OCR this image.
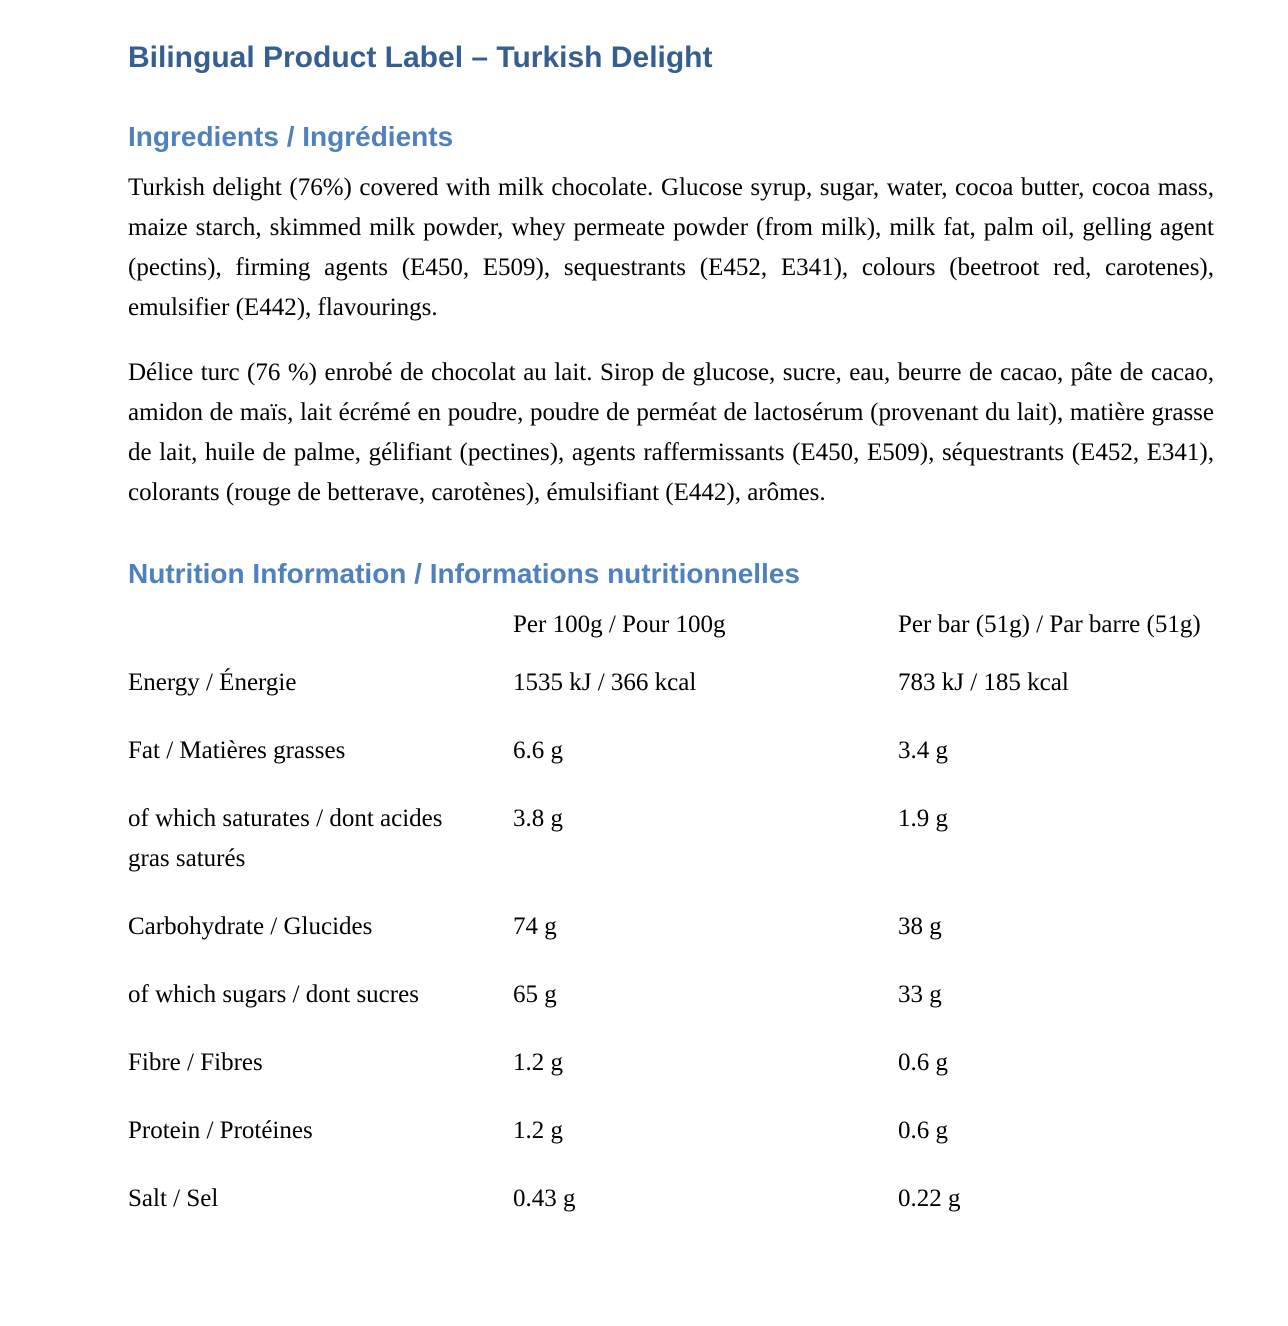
Bilingual Product Label – Turkish Delight
Ingredients / Ingrédients

Turkish delight (76%) covered with milk chocolate. Glucose syrup, sugar, water, cocoa butter, cocoa mass, maize starch, skimmed milk powder, whey permeate powder (from milk), milk fat, palm oil, gelling agent (pectins), firming agents (E450, E509), sequestrants (E452, E341), colours (beetroot red, carotenes), emulsifier (E442), flavourings.

Délice turc (76 %) enrobé de chocolat au lait. Sirop de glucose, sucre, eau, beurre de cacao, pâte de cacao, amidon de maïs, lait écrémé en poudre, poudre de perméat de lactosérum (provenant du lait), matière grasse de lait, huile de palme, gélifiant (pectines), agents raffermissants (E450, E509), séquestrants (E452, E341), colorants (rouge de betterave, carotènes), émulsifiant (E442), arômes.

Nutrition Information / Informations nutritionnelles
	Per 100g / Pour 100g	Per bar (51g) / Par barre (51g)

Energy / Énergie	1535 kJ / 366 kcal	783 kJ / 185 kcal

Fat / Matières grasses	6.6 g	3.4 g

of which saturates / dont acides gras saturés	3.8 g	1.9 g

Carbohydrate / Glucides	74 g	38 g

of which sugars / dont sucres	65 g	33 g

Fibre / Fibres	1.2 g	0.6 g

Protein / Protéines	1.2 g	0.6 g

Salt / Sel	0.43 g	0.22 g
